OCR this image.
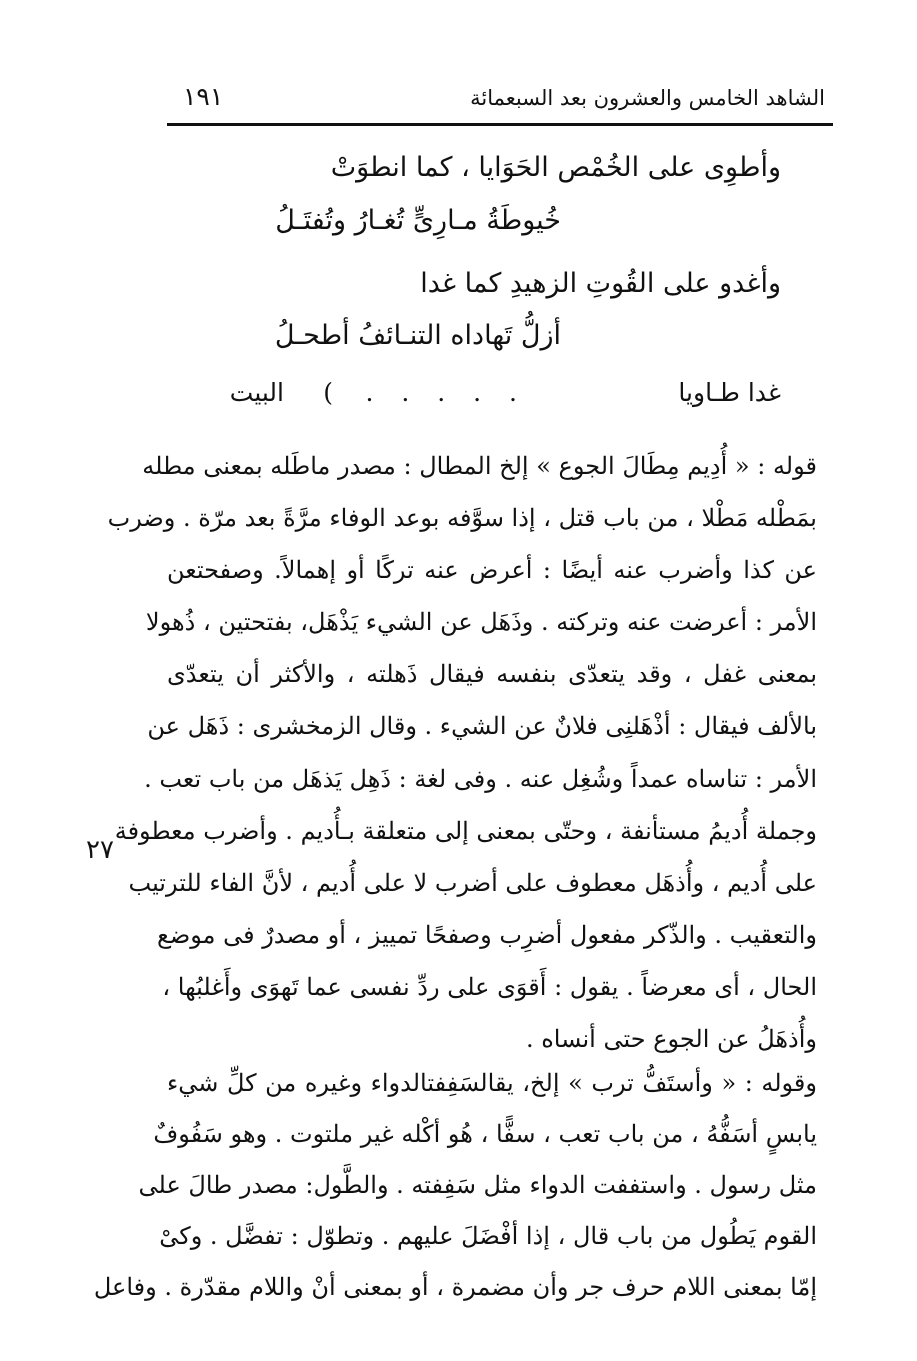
الشاهد الخامس والعشرون بعد السبعمائة
١٩١
وأطوِى على الخُمْص الحَوَايا ، كما انطوَتْ
خُيوطَةُ مـارِىٍّ تُغـارُ وتُفتَـلُ
وأغدو على القُوتِ الزهيدِ كما غدا
أزلُّ تَهاداه التنـائفُ أطحـلُ
غدا طـاويا
. . . . .
)
البيت
قوله : « أُدِيم مِطَالَ الجوع » إلخ المطال : مصدر ماطَله بمعنى مطله
بمَطْله مَطْلا ، من باب قتل ، إذا سوَّفه بوعد الوفاء مرَّةً بعد مرّة . وضرب
عن كذا وأضرب عنه أيضًا : أعرض عنه تركًا أو إهمالاً. وصفحتعن
الأمر : أعرضت عنه وتركته . وذَهَل عن الشيء يَذْهَل، بفتحتين ، ذُهولا
بمعنى غفل ، وقد يتعدّى بنفسه فيقال ذَهلته ، والأكثر أن يتعدّى
بالألف فيقال : أذْهَلنِى فلانٌ عن الشيء . وقال الزمخشرى : ذَهَل عن
الأمر : تناساه عمداً وشُغِل عنه . وفى لغة : ذَهِل يَذهَل من باب تعب .
وجملة أُديمُ مستأنفة ، وحتّى بمعنى إلى متعلقة بـأُديم . وأضرب معطوفة
على أُديم ، وأُذهَل معطوف على أضرب لا على أُديم ، لأنَّ الفاء للترتيب
والتعقيب . والذّكر مفعول أضرِب وصفحًا تمييز ، أو مصدرٌ فى موضع
الحال ، أى معرضاً . يقول : أَقوَى على ردِّ نفسى عما تَهوَى وأَغلبُها ،
وأُذهَلُ عن الجوع حتى أنساه .
٢٧
وقوله : « وأستَفُّ ترب » إلخ، يقالسَفِفتالدواء وغيره من كلِّ شيء
يابسٍ أسَفُّهُ ، من باب تعب ، سفًّا ، هُو أكْله غير ملتوت . وهو سَفُوفٌ
مثل رسول . واستففت الدواء مثل سَفِفته . والطَّول: مصدر طالَ على
القوم يَطُول من باب قال ، إذا أفْضَلَ عليهم . وتطوّل : تفضَّل . وكىْ
إمّا بمعنى اللام حرف جر وأن مضمرة ، أو بمعنى أنْ واللام مقدّرة . وفاعل
